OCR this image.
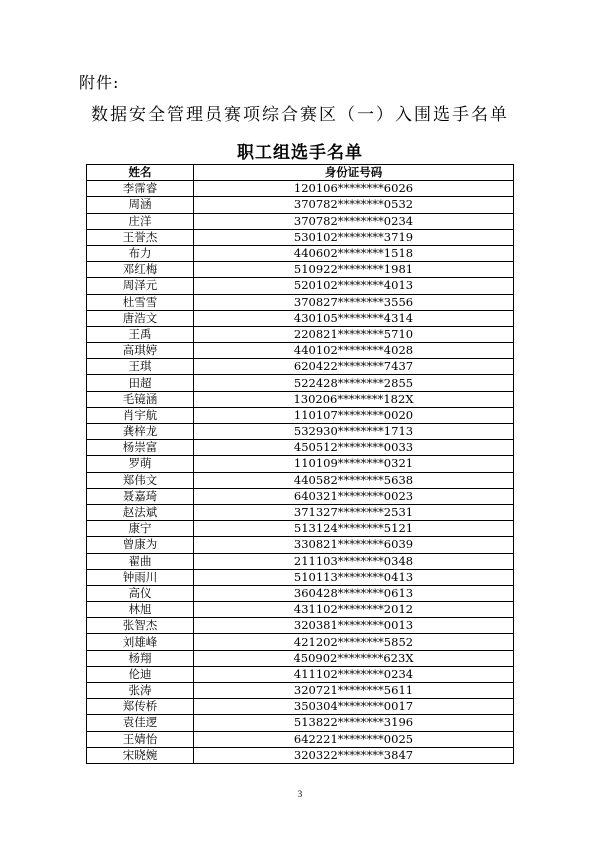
附件:
数据安全管理员赛项综合赛区（一）入围选手名单
职工组选手名单
姓名	身份证号码
李霈睿	120106********6026
周涵	370782********0532
庄洋	370782********0234
王誉杰	530102********3719
布力	440602********1518
邓红梅	510922********1981
周泽元	520102********4013
杜雪雪	370827********3556
唐浩文	430105********4314
王禹	220821********5710
高琪婷	440102********4028
王琪	620422********7437
田超	522428********2855
毛镜涵	130206********182X
肖宇航	110107********0020
龚梓龙	532930********1713
杨崇富	450512********0033
罗萌	110109********0321
郑伟文	440582********5638
聂嘉琦	640321********0023
赵法斌	371327********2531
康宁	513124********5121
曾康为	330821********6039
翟曲	211103********0348
钟雨川	510113********0413
高仪	360428********0613
林旭	431102********2012
张智杰	320381********0013
刘雄峰	421202********5852
杨翔	450902********623X
伦迪	411102********0234
张涛	320721********5611
郑传桥	350304********0017
袁佳逻	513822********3196
王婧怡	642221********0025
宋晓婉	320322********3847
3
